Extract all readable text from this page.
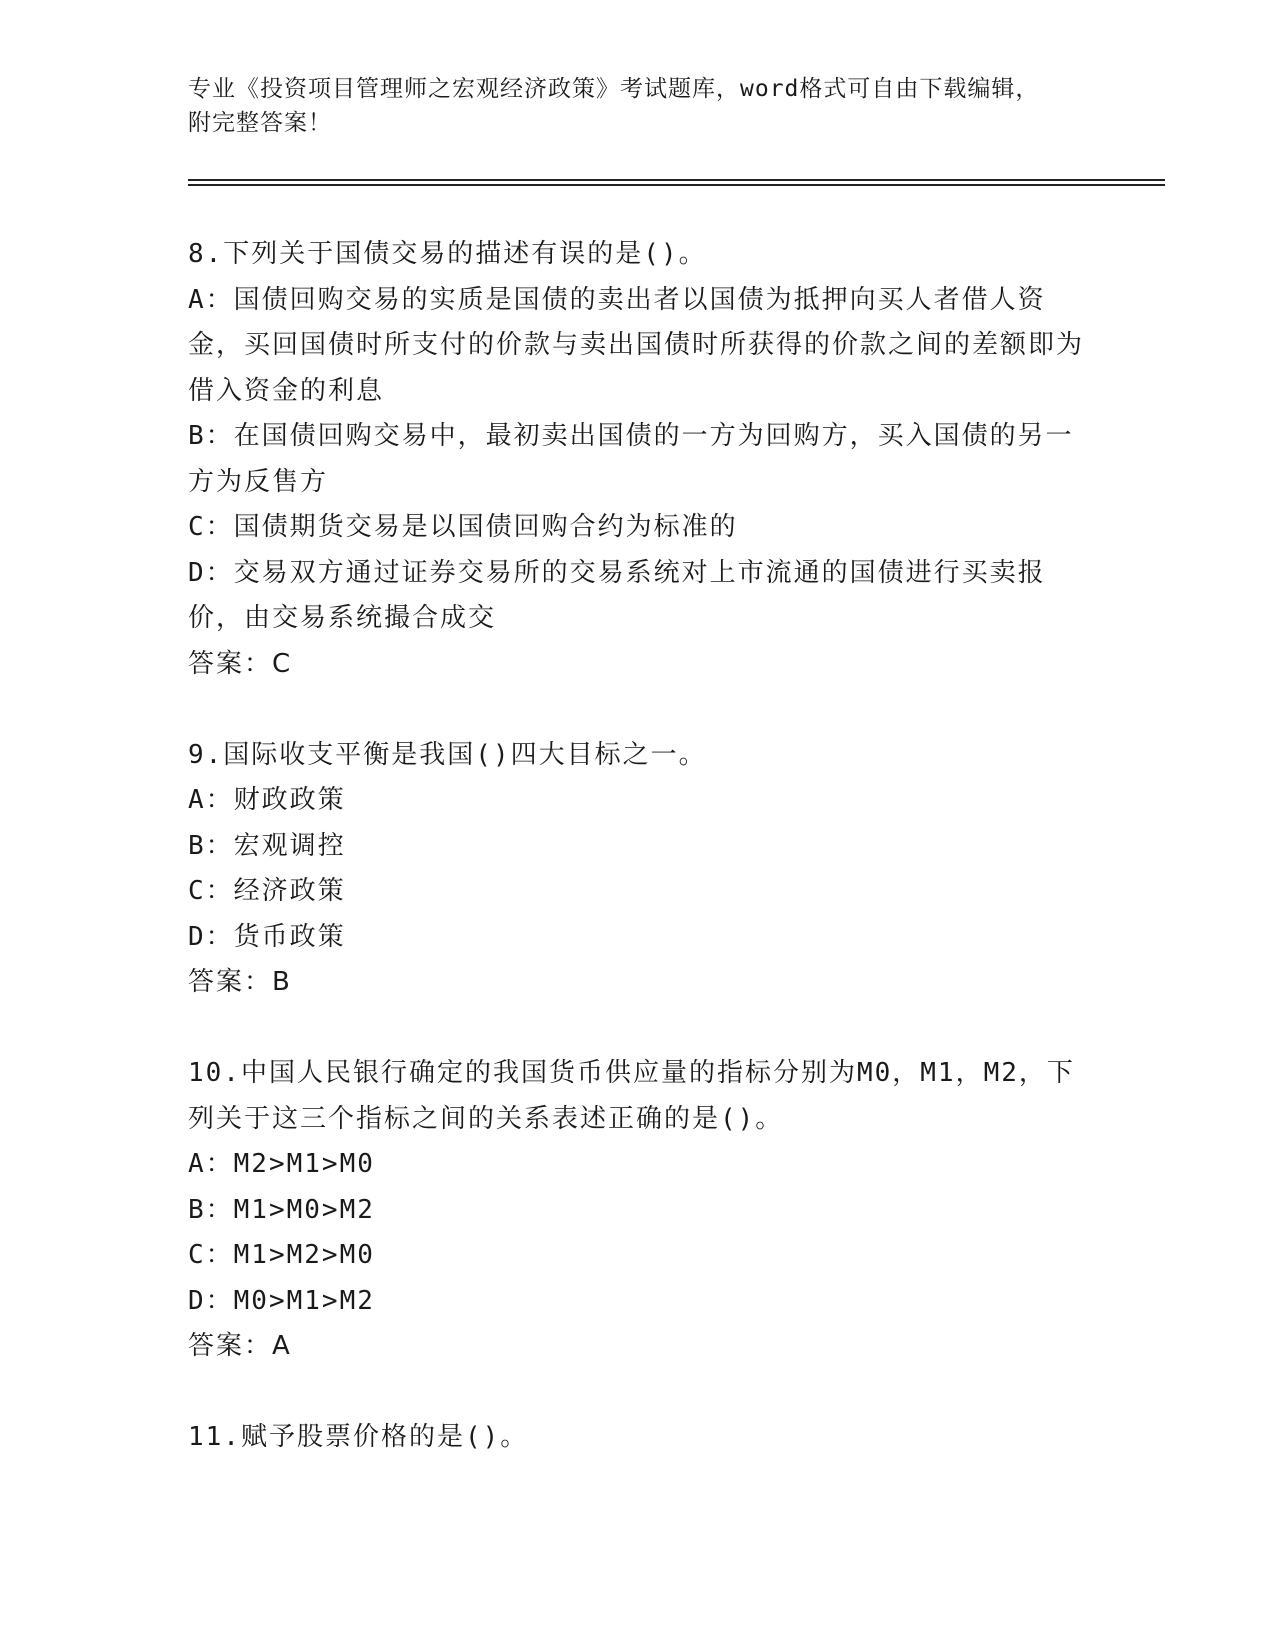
专业《投资项目管理师之宏观经济政策》考试题库，word格式可自由下载编辑，
附完整答案！

8.下列关于国债交易的描述有误的是()。

A：国债回购交易的实质是国债的卖出者以国债为抵押向买人者借人资金，买回国债时所支付的价款与卖出国债时所获得的价款之间的差额即为借入资金的利息

B：在国债回购交易中，最初卖出国债的一方为回购方，买入国债的另一方为反售方

C：国债期货交易是以国债回购合约为标准的

D：交易双方通过证券交易所的交易系统对上市流通的国债进行买卖报价，由交易系统撮合成交

答案：C

9.国际收支平衡是我国()四大目标之一。

A：财政政策

B：宏观调控

C：经济政策

D：货币政策

答案：B

10.中国人民银行确定的我国货币供应量的指标分别为M0，M1，M2，下列关于这三个指标之间的关系表述正确的是()。

A：M2>M1>M0

B：M1>M0>M2

C：M1>M2>M0

D：M0>M1>M2

答案：A

11.赋予股票价格的是()。
